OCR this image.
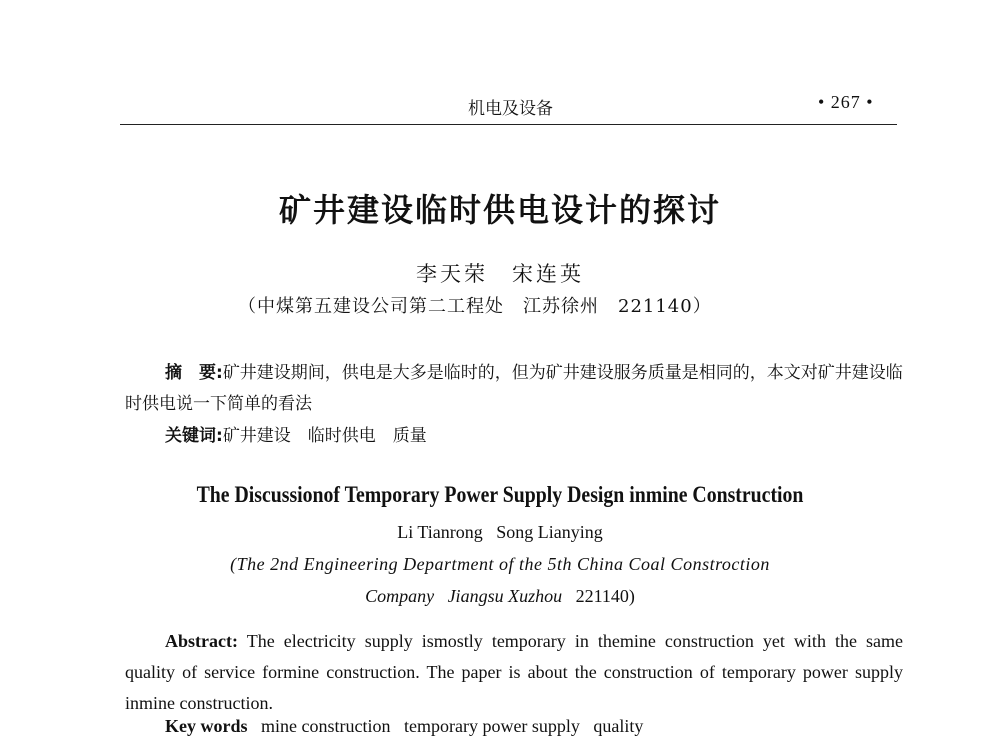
机电及设备	• 267 •
矿井建设临时供电设计的探讨
李天荣　宋连英
（中煤第五建设公司第二工程处　江苏徐州　221140）
摘　要:矿井建设期间，供电是大多是临时的，但为矿井建设服务质量是相同的，本文对矿井建设临时供电说一下简单的看法
关键词:矿井建设　临时供电　质量
The Discussionof Temporary Power Supply Design inmine Construction
Li Tianrong   Song Lianying
(The 2nd Engineering Department of the 5th China Coal Constroction
Company   Jiangsu Xuzhou 221140)
Abstract: The electricity supply ismostly temporary in themine construction yet with the same quality of service formine construction. The paper is about the construction of temporary power supply inmine construction.
Key words mine construction   temporary power supply   quality
